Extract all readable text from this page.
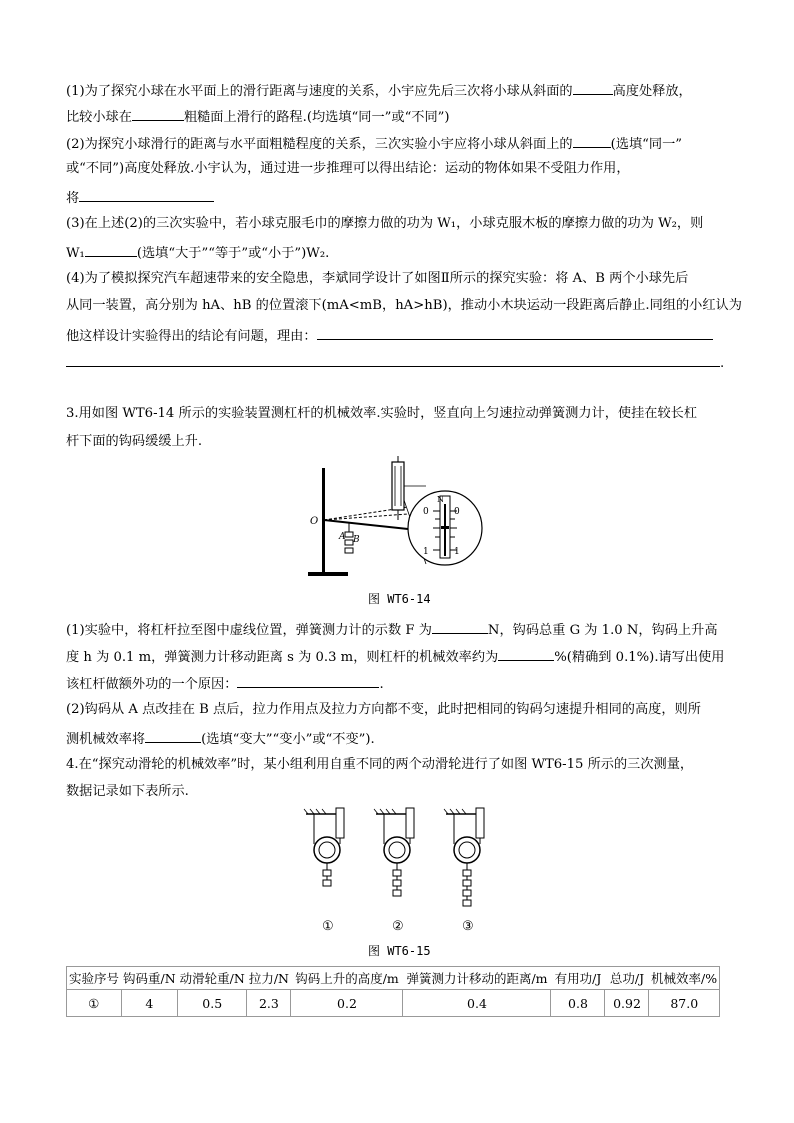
(1)为了探究小球在水平面上的滑行距离与速度的关系，小宇应先后三次将小球从斜面的	高度处释放，
比较小球在	粗糙面上滑行的路程.(均选填“同一”或“不同”)
(2)为探究小球滑行的距离与水平面粗糙程度的关系，三次实验小宇应将小球从斜面上的	(选填“同一”
或“不同”)高度处释放.小宇认为，通过进一步推理可以得出结论：运动的物体如果不受阻力作用，
将
(3)在上述(2)的三次实验中，若小球克服毛巾的摩擦力做的功为 W₁，小球克服木板的摩擦力做的功为 W₂，则
W₁	(选填“大于”“等于”或“小于”)W₂.
(4)为了模拟探究汽车超速带来的安全隐患，李斌同学设计了如图Ⅱ所示的探究实验：将 A、B 两个小球先后
从同一装置，高分别为 hA、hB 的位置滚下(mA<mB，hA>hB)，推动小木块运动一段距离后静止.同组的小红认为
他这样设计实验得出的结论有问题，理由：
.
3.用如图 WT6-14 所示的实验装置测杠杆的机械效率.实验时，竖直向上匀速拉动弹簧测力计，使挂在较长杠
杆下面的钩码缓缓上升.
O
A B
N
0	0
1	1
图 WT6-14
(1)实验中，将杠杆拉至图中虚线位置，弹簧测力计的示数 F 为	N，钩码总重 G 为 1.0 N，钩码上升高
度 h 为 0.1 m，弹簧测力计移动距离 s 为 0.3 m，则杠杆的机械效率约为	%(精确到 0.1%).请写出使用
该杠杆做额外功的一个原因：	.
(2)钩码从 A 点改挂在 B 点后，拉力作用点及拉力方向都不变，此时把相同的钩码匀速提升相同的高度，则所
测机械效率将	(选填“变大”“变小”或“不变”).
4.在“探究动滑轮的机械效率”时，某小组利用自重不同的两个动滑轮进行了如图 WT6-15 所示的三次测量，
数据记录如下表所示.
①	②	③
图 WT6-15
实验序号	钩码重/N	动滑轮重/N	拉力/N	钩码上升的高度/m	弹簧测力计移动的距离/m	有用功/J	总功/J	机械效率/%
①	4	0.5	2.3	0.2	0.4	0.8	0.92	87.0
